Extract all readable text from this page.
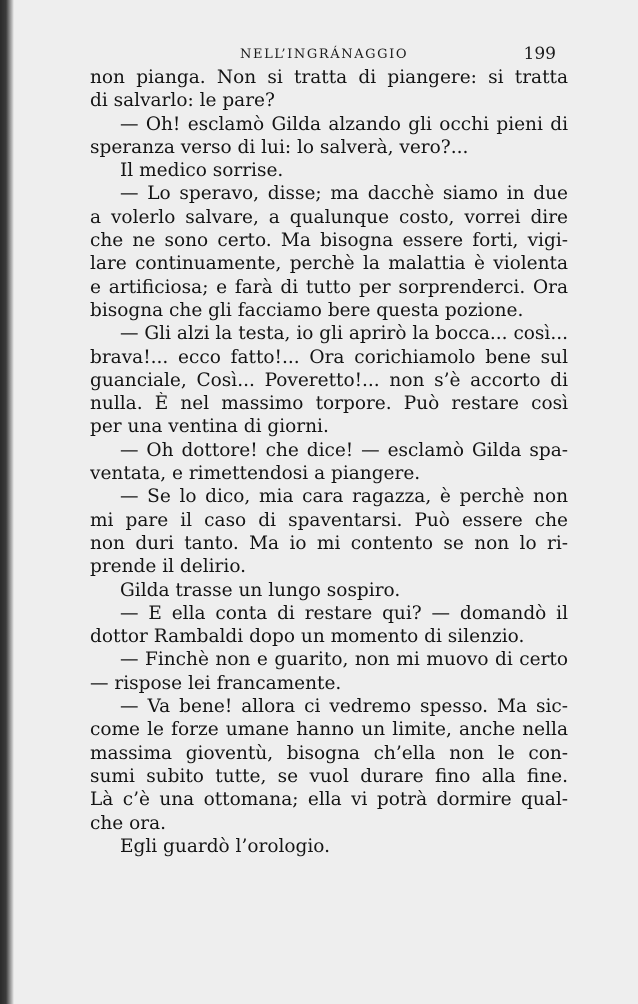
NELL’INGRÁNAGGIO	199
non pianga. Non si tratta di piangere: si tratta
di salvarlo: le pare?
— Oh! esclamò Gilda alzando gli occhi pieni di
speranza verso di lui: lo salverà, vero?...
Il medico sorrise.
— Lo speravo, disse; ma dacchè siamo in due
a volerlo salvare, a qualunque costo, vorrei dire
che ne sono certo. Ma bisogna essere forti, vigi-
lare continuamente, perchè la malattia è violenta
e artificiosa; e farà di tutto per sorprenderci. Ora
bisogna che gli facciamo bere questa pozione.
— Gli alzi la testa, io gli aprirò la bocca... così...
brava!... ecco fatto!... Ora corichiamolo bene sul
guanciale, Così... Poveretto!... non s’è accorto di
nulla. È nel massimo torpore. Può restare così
per una ventina di giorni.
— Oh dottore! che dice! — esclamò Gilda spa-
ventata, e rimettendosi a piangere.
— Se lo dico, mia cara ragazza, è perchè non
mi pare il caso di spaventarsi. Può essere che
non duri tanto. Ma io mi contento se non lo ri-
prende il delirio.
Gilda trasse un lungo sospiro.
— E ella conta di restare qui? — domandò il
dottor Rambaldi dopo un momento di silenzio.
— Finchè non e guarito, non mi muovo di certo
— rispose lei francamente.
— Va bene! allora ci vedremo spesso. Ma sic-
come le forze umane hanno un limite, anche nella
massima gioventù, bisogna ch’ella non le con-
sumi subito tutte, se vuol durare fino alla fine.
Là c’è una ottomana; ella vi potrà dormire qual-
che ora.
Egli guardò l’orologio.
